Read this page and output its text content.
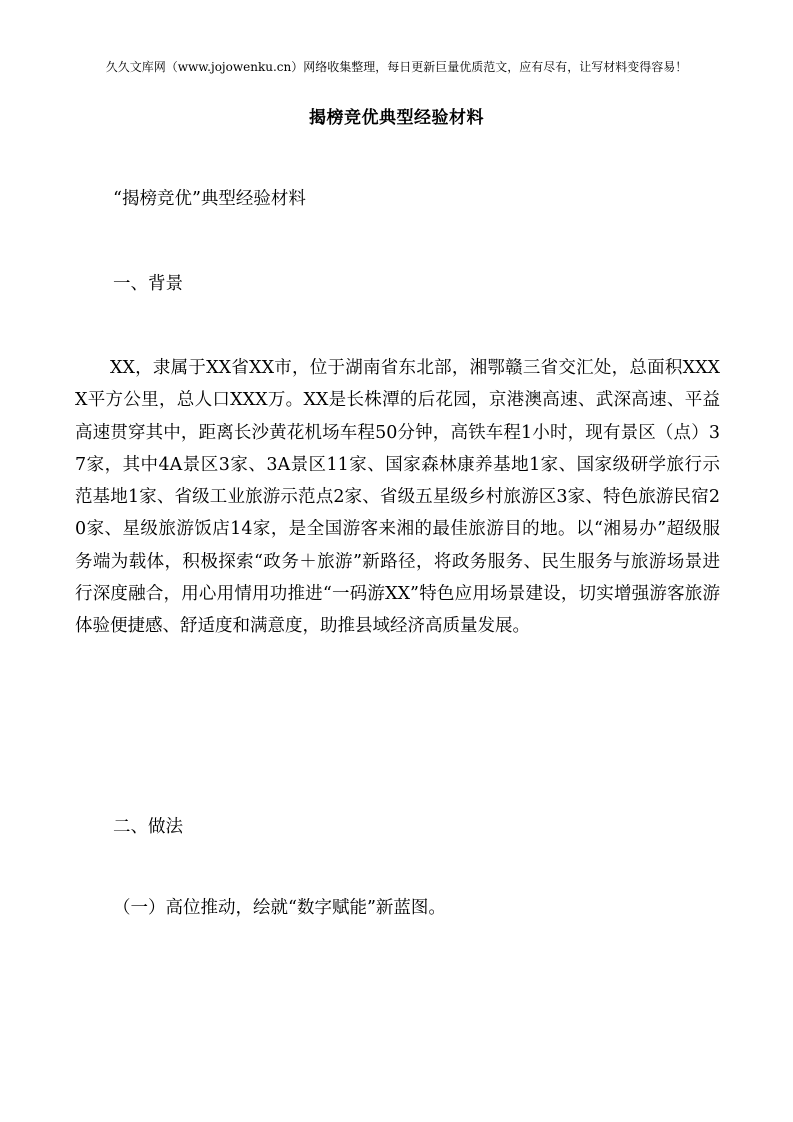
久久文库网（www.jojowenku.cn）网络收集整理，每日更新巨量优质范文，应有尽有，让写材料变得容易！
揭榜竞优典型经验材料
“揭榜竞优”典型经验材料
一、背景

XX，隶属于XX省XX市，位于湖南省东北部，湘鄂赣三省交汇处，总面积XXXX平方公里，总人口XXX万。XX是长株潭的后花园，京港澳高速、武深高速、平益高速贯穿其中，距离长沙黄花机场车程50分钟，高铁车程1小时，现有景区（点）37家，其中4A景区3家、3A景区11家、国家森林康养基地1家、国家级研学旅行示范基地1家、省级工业旅游示范点2家、省级五星级乡村旅游区3家、特色旅游民宿20家、星级旅游饭店14家，是全国游客来湘的最佳旅游目的地。以“湘易办”超级服务端为载体，积极探索“政务＋旅游”新路径，将政务服务、民生服务与旅游场景进行深度融合，用心用情用功推进“一码游XX”特色应用场景建设，切实增强游客旅游体验便捷感、舒适度和满意度，助推县域经济高质量发展。

二、做法
（一）高位推动，绘就“数字赋能”新蓝图。
